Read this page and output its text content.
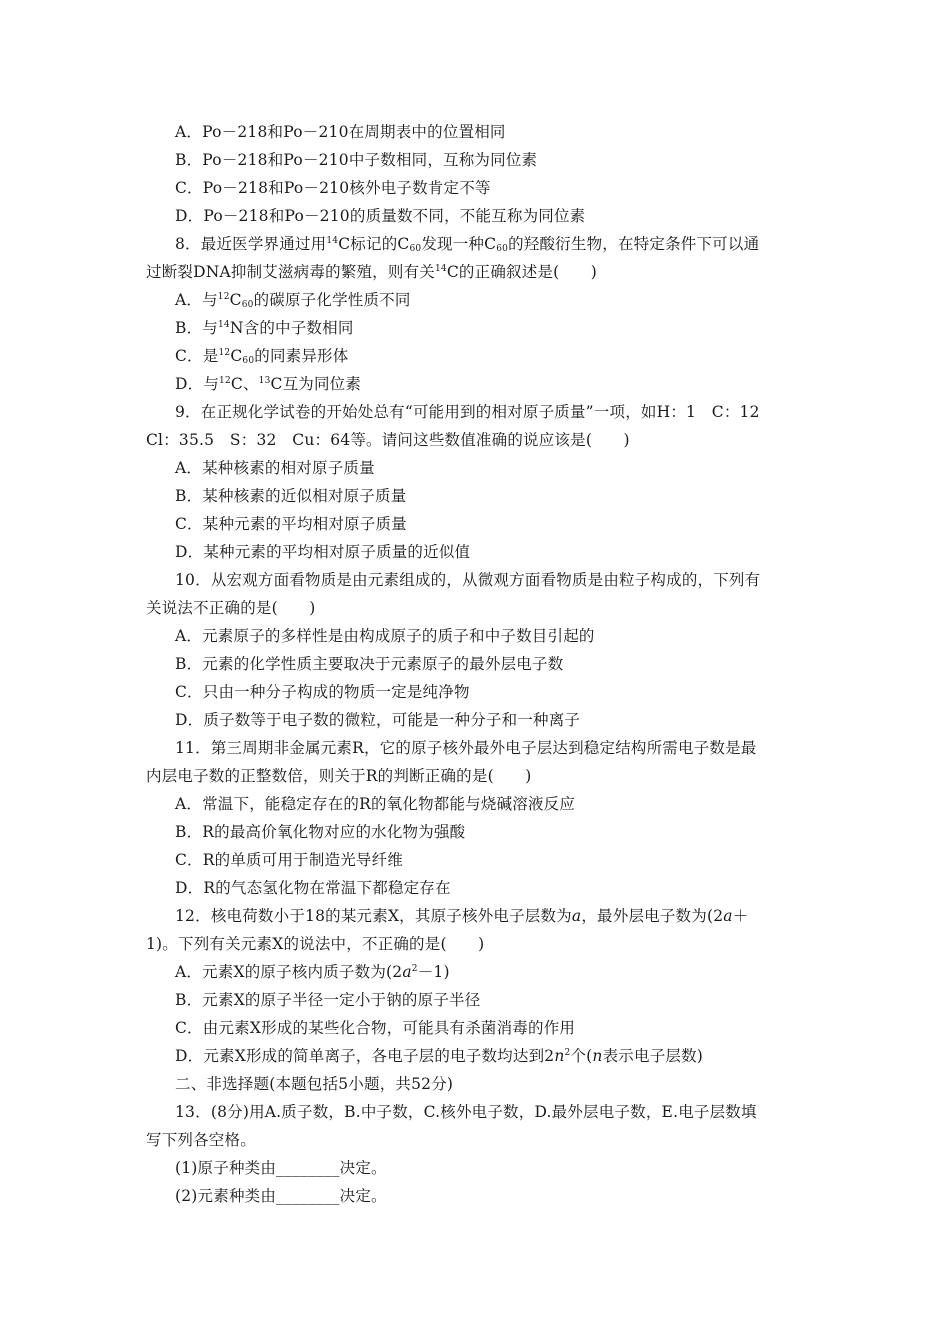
A．Po－218和Po－210在周期表中的位置相同
B．Po－218和Po－210中子数相同，互称为同位素
C．Po－218和Po－210核外电子数肯定不等
D．Po－218和Po－210的质量数不同，不能互称为同位素
8．最近医学界通过用$^{14}$C标记的$C_{60}$发现一种$C_{60}$的羟酸衍生物，在特定条件下可以通
过断裂DNA抑制艾滋病毒的繁殖，则有关$^{14}$C的正确叙述是(　　)
A．与$^{12}C_{60}$的碳原子化学性质不同
B．与$^{14}$N含的中子数相同
C．是$^{12}C_{60}$的同素异形体
D．与$^{12}$C、$^{13}$C互为同位素
9．在正规化学试卷的开始处总有“可能用到的相对原子质量”一项，如H：1　C：12
Cl：35.5　S：32　Cu：64等。请问这些数值准确的说应该是(　　)
A．某种核素的相对原子质量
B．某种核素的近似相对原子质量
C．某种元素的平均相对原子质量
D．某种元素的平均相对原子质量的近似值
10．从宏观方面看物质是由元素组成的，从微观方面看物质是由粒子构成的，下列有
关说法不正确的是(　　)
A．元素原子的多样性是由构成原子的质子和中子数目引起的
B．元素的化学性质主要取决于元素原子的最外层电子数
C．只由一种分子构成的物质一定是纯净物
D．质子数等于电子数的微粒，可能是一种分子和一种离子
11．第三周期非金属元素R，它的原子核外最外电子层达到稳定结构所需电子数是最
内层电子数的正整数倍，则关于R的判断正确的是(　　)
A．常温下，能稳定存在的R的氧化物都能与烧碱溶液反应
B．R的最高价氧化物对应的水化物为强酸
C．R的单质可用于制造光导纤维
D．R的气态氢化物在常温下都稳定存在
12．核电荷数小于18的某元素X，其原子核外电子层数为a，最外层电子数为(2a＋
1)。下列有关元素X的说法中，不正确的是(　　)
A．元素X的原子核内质子数为$(2a^2-1)$
B．元素X的原子半径一定小于钠的原子半径
C．由元素X形成的某些化合物，可能具有杀菌消毒的作用
D．元素X形成的简单离子，各电子层的电子数均达到$2n^2$个(n表示电子层数)
二、非选择题(本题包括5小题，共52分)
13．(8分)用A.质子数，B.中子数，C.核外电子数，D.最外层电子数，E.电子层数填
写下列各空格。
(1)原子种类由________决定。
(2)元素种类由________决定。
